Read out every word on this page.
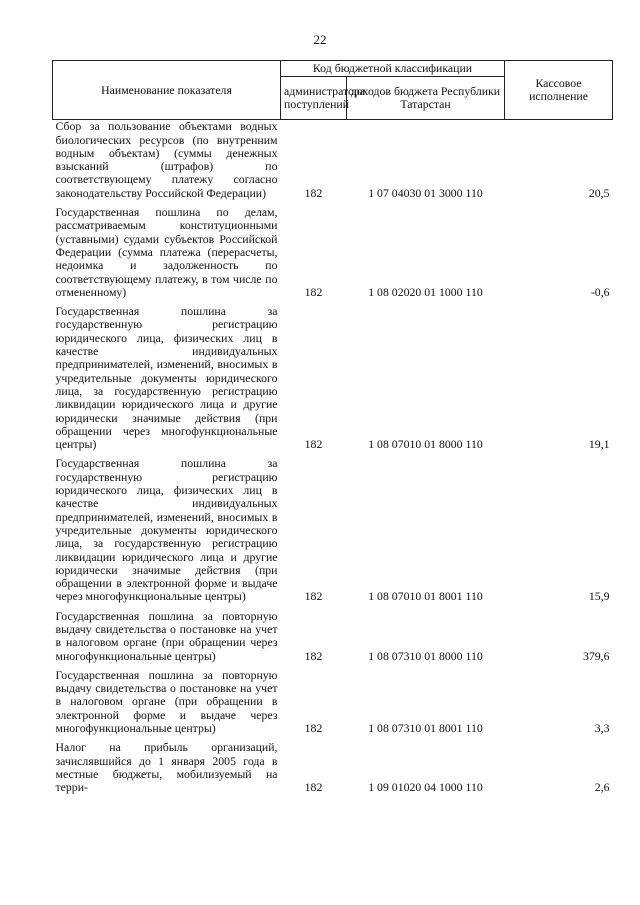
22
Наименование показателя	Код бюджетной классификации		Кассовое исполнение
	администратора поступлений	доходов бюджета Республики Татарстан	
Сбор за пользование объектами водных биологических ресурсов (по внутренним водным объектам) (суммы денежных взысканий (штрафов) по соответствующему платежу согласно законодательству Российской Федерации)	182	1 07 04030 01 3000 110	20,5
Государственная пошлина по делам, рассматриваемым конституционными (уставными) судами субъектов Российской Федерации (сумма платежа (перерасчеты, недоимка и задолженность по соответствующему платежу, в том числе по отмененному)	182	1 08 02020 01 1000 110	-0,6
Государственная пошлина за государственную регистрацию юридического лица, физических лиц в качестве индивидуальных предпринимателей, изменений, вносимых в учредительные документы юридического лица, за государственную регистрацию ликвидации юридического лица и другие юридически значимые действия (при обращении через многофункциональные центры)	182	1 08 07010 01 8000 110	19,1
Государственная пошлина за государственную регистрацию юридического лица, физических лиц в качестве индивидуальных предпринимателей, изменений, вносимых в учредительные документы юридического лица, за государственную регистрацию ликвидации юридического лица и другие юридически значимые действия (при обращении в электронной форме и выдаче через многофункциональные центры)	182	1 08 07010 01 8001 110	15,9
Государственная пошлина за повторную выдачу свидетельства о постановке на учет в налоговом органе (при обращении через многофункциональные центры)	182	1 08 07310 01 8000 110	379,6
Государственная пошлина за повторную выдачу свидетельства о постановке на учет в налоговом органе (при обращении в электронной форме и выдаче через многофункциональные центры)	182	1 08 07310 01 8001 110	3,3
Налог на прибыль организаций, зачислявшийся до 1 января 2005 года в местные бюджеты, мобилизуемый на терри-	182	1 09 01020 04 1000 110	2,6
